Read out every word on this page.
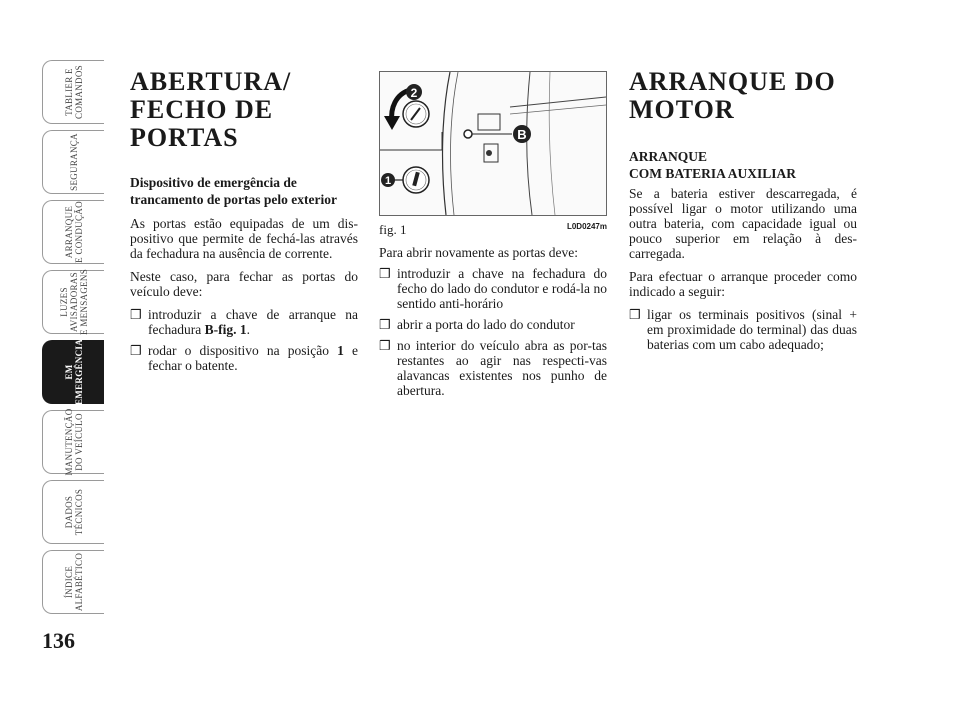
TABLIER E
COMANDOS
SEGURANÇA
ARRANQUE
E CONDUÇÃO
LUZES
AVISADORAS
E MENSAGENS
EM
EMERGÊNCIA
MANUTENÇÃO
DO VEÍCULO
DADOS
TÉCNICOS
ÍNDICE
ALFABÉTICO
136
ABERTURA/
FECHO DE PORTAS
Dispositivo de emergência de trancamento de portas pelo exterior

As portas estão equipadas de um dis-positivo que permite de fechá-las através da fechadura na ausência de corrente.

Neste caso, para fechar as portas do veículo deve:

❒ introduzir a chave de arranque na fechadura B-fig. 1.
❒ rodar o dispositivo na posição 1 e fechar o batente.
B
2
1
fig. 1	L0D0247m

Para abrir novamente as portas deve:

❒ introduzir a chave na fechadura do fecho do lado do condutor e rodá-la no sentido anti-horário
❒ abrir a porta do lado do condutor
❒ no interior do veículo abra as por-tas restantes ao agir nas respecti-vas alavancas existentes nos punho de abertura.
ARRANQUE DO
MOTOR
ARRANQUE
COM BATERIA AUXILIAR

Se a bateria estiver descarregada, é possível ligar o motor utilizando uma outra bateria, com capacidade igual ou pouco superior em relação à des-carregada.

Para efectuar o arranque proceder como indicado a seguir:

❒ ligar os terminais positivos (sinal + em proximidade do terminal) das duas baterias com um cabo adequado;
